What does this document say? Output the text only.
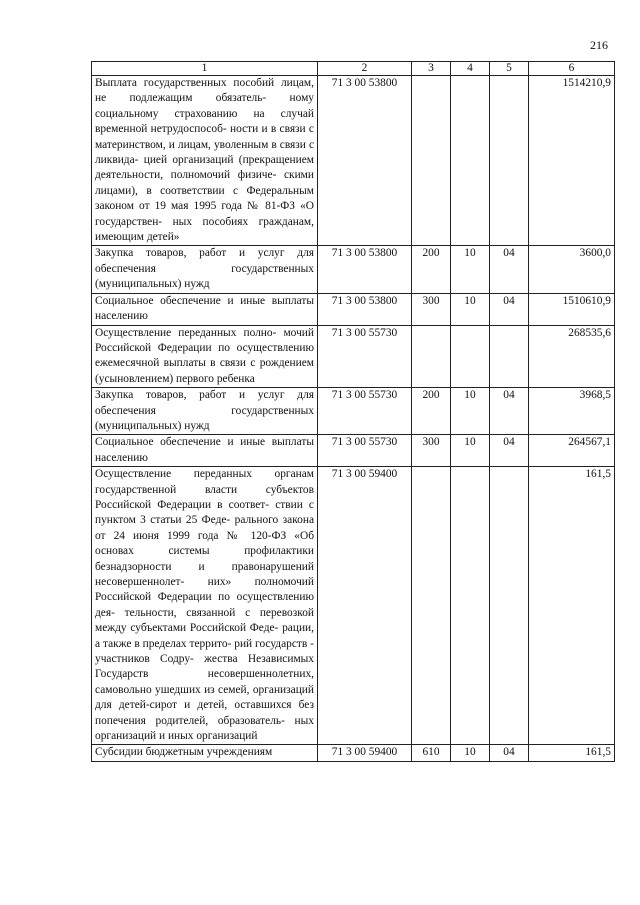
216
1	2	3	4	5	6
Выплата государственных пособий лицам, не подлежащим обязатель- ному социальному страхованию на случай временной нетрудоспособ- ности и в связи с материнством, и лицам, уволенным в связи с ликвида- цией организаций (прекращением деятельности, полномочий физиче- скими лицами), в соответствии с Федеральным законом от 19 мая 1995 года № 81-ФЗ «О государствен- ных пособиях гражданам, имеющим детей»	71 3 00 53800				1514210,9
Закупка товаров, работ и услуг для обеспечения государственных (муниципальных) нужд	71 3 00 53800	200	10	04	3600,0
Социальное обеспечение и иные выплаты населению	71 3 00 53800	300	10	04	1510610,9
Осуществление переданных полно- мочий Российской Федерации по осуществлению ежемесячной выплаты в связи с рождением (усыновлением) первого ребенка	71 3 00 55730				268535,6
Закупка товаров, работ и услуг для обеспечения государственных (муниципальных) нужд	71 3 00 55730	200	10	04	3968,5
Социальное обеспечение и иные выплаты населению	71 3 00 55730	300	10	04	264567,1
Осуществление переданных органам государственной власти субъектов Российской Федерации в соответ- ствии с пунктом 3 статьи 25 Феде- рального закона от 24 июня 1999 года № 120-ФЗ «Об основах системы профилактики безнадзорности и правонарушений несовершеннолет- них» полномочий Российской Федерации по осуществлению дея- тельности, связанной с перевозкой между субъектами Российской Феде- рации, а также в пределах террито- рий государств - участников Содру- жества Независимых Государств несовершеннолетних, самовольно ушедших из семей, организаций для детей-сирот и детей, оставшихся без попечения родителей, образователь- ных организаций и иных организаций	71 3 00 59400				161,5
Субсидии бюджетным учреждениям	71 3 00 59400	610	10	04	161,5
